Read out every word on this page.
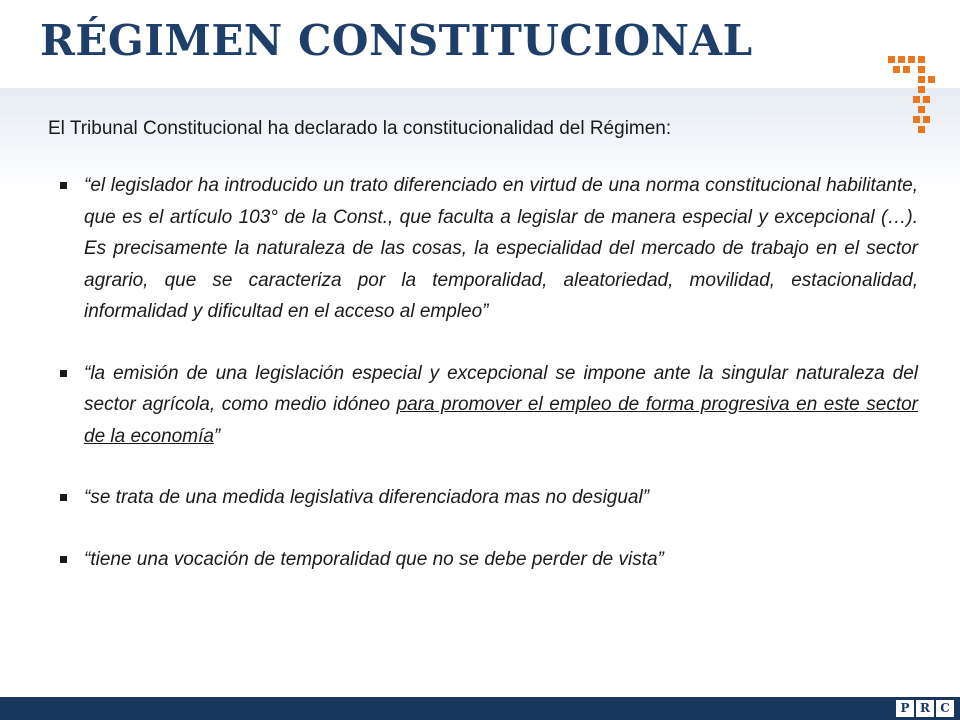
RÉGIMEN CONSTITUCIONAL

El Tribunal Constitucional ha declarado la constitucionalidad del Régimen:

“el legislador ha introducido un trato diferenciado en virtud de una norma constitucional habilitante, que es el artículo 103° de la Const., que faculta a legislar de manera especial y excepcional (…). Es precisamente la naturaleza de las cosas, la especialidad del mercado de trabajo en el sector agrario, que se caracteriza por la temporalidad, aleatoriedad, movilidad, estacionalidad, informalidad y dificultad en el acceso al empleo”
“la emisión de una legislación especial y excepcional se impone ante la singular naturaleza del sector agrícola, como medio idóneo para promover el empleo de forma progresiva en este sector de la economía”
“se trata de una medida legislativa diferenciadora mas no desigual”
“tiene una vocación de temporalidad que no se debe perder de vista”
P R C
